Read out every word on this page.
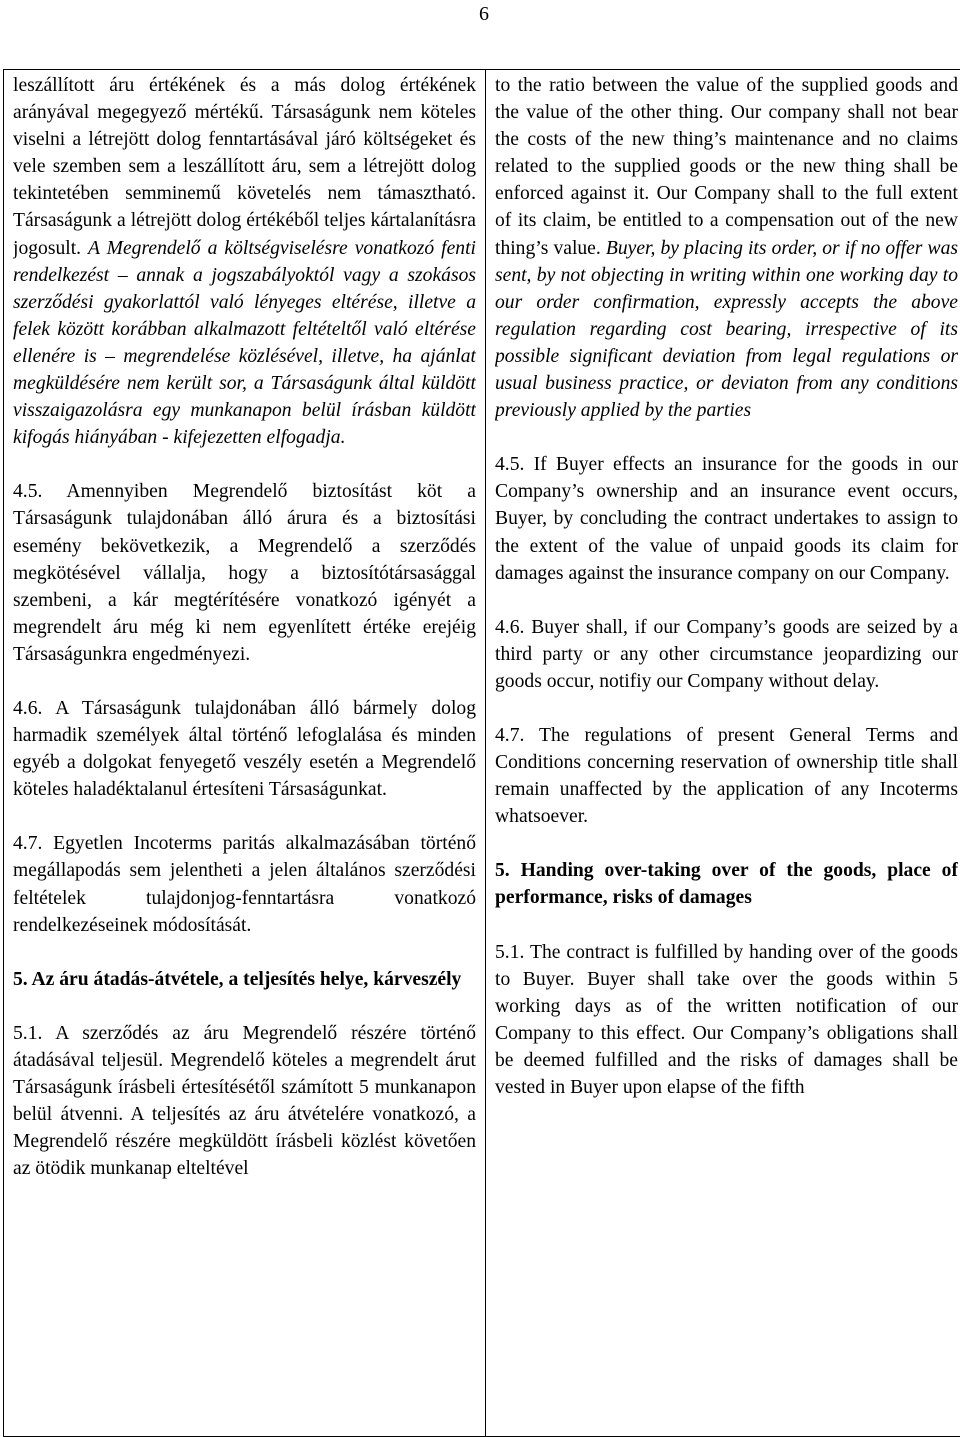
6
leszállított áru értékének és a más dolog értékének arányával megegyező mértékű. Társaságunk nem köteles viselni a létrejött dolog fenntartásával járó költségeket és vele szemben sem a leszállított áru, sem a létrejött dolog tekintetében semminemű követelés nem támasztható. Társaságunk a létrejött dolog értékéből teljes kártalanításra jogosult. A Megrendelő a költségviselésre vonatkozó fenti rendelkezést – annak a jogszabályoktól vagy a szokásos szerződési gyakorlattól való lényeges eltérése, illetve a felek között korábban alkalmazott feltételtől való eltérése ellenére is – megrendelése közlésével, illetve, ha ajánlat megküldésére nem került sor, a Társaságunk által küldött visszaigazolásra egy munkanapon belül írásban küldött kifogás hiányában - kifejezetten elfogadja.
4.5. Amennyiben Megrendelő biztosítást köt a Társaságunk tulajdonában álló árura és a biztosítási esemény bekövetkezik, a Megrendelő a szerződés megkötésével vállalja, hogy a biztosítótársasággal szembeni, a kár megtérítésére vonatkozó igényét a megrendelt áru még ki nem egyenlített értéke erejéig Társaságunkra engedményezi.
4.6. A Társaságunk tulajdonában álló bármely dolog harmadik személyek által történő lefoglalása és minden egyéb a dolgokat fenyegető veszély esetén a Megrendelő köteles haladéktalanul értesíteni Társaságunkat.
4.7. Egyetlen Incoterms paritás alkalmazásában történő megállapodás sem jelentheti a jelen általános szerződési feltételek tulajdonjog-fenntartásra vonatkozó rendelkezéseinek módosítását.
5. Az áru átadás-átvétele, a teljesítés helye, kárveszély
5.1. A szerződés az áru Megrendelő részére történő átadásával teljesül. Megrendelő köteles a megrendelt árut Társaságunk írásbeli értesítésétől számított 5 munkanapon belül átvenni. A teljesítés az áru átvételére vonatkozó, a Megrendelő részére megküldött írásbeli közlést követően az ötödik munkanap elteltével

to the ratio between the value of the supplied goods and the value of the other thing. Our company shall not bear the costs of the new thing’s maintenance and no claims related to the supplied goods or the new thing shall be enforced against it. Our Company shall to the full extent of its claim, be entitled to a compensation out of the new thing’s value. Buyer, by placing its order, or if no offer was sent, by not objecting in writing within one working day to our order confirmation, expressly accepts the above regulation regarding cost bearing, irrespective of its possible significant deviation from legal regulations or usual business practice, or deviaton from any conditions previously applied by the parties
4.5. If Buyer effects an insurance for the goods in our Company’s ownership and an insurance event occurs, Buyer, by concluding the contract undertakes to assign to the extent of the value of unpaid goods its claim for damages against the insurance company on our Company.
4.6. Buyer shall, if our Company’s goods are seized by a third party or any other circumstance jeopardizing our goods occur, notifiy our Company without delay.
4.7. The regulations of present General Terms and Conditions concerning reservation of ownership title shall remain unaffected by the application of any Incoterms whatsoever.
5. Handing over-taking over of the goods, place of performance, risks of damages
5.1. The contract is fulfilled by handing over of the goods to Buyer. Buyer shall take over the goods within 5 working days as of the written notification of our Company to this effect. Our Company’s obligations shall be deemed fulfilled and the risks of damages shall be vested in Buyer upon elapse of the fifth
